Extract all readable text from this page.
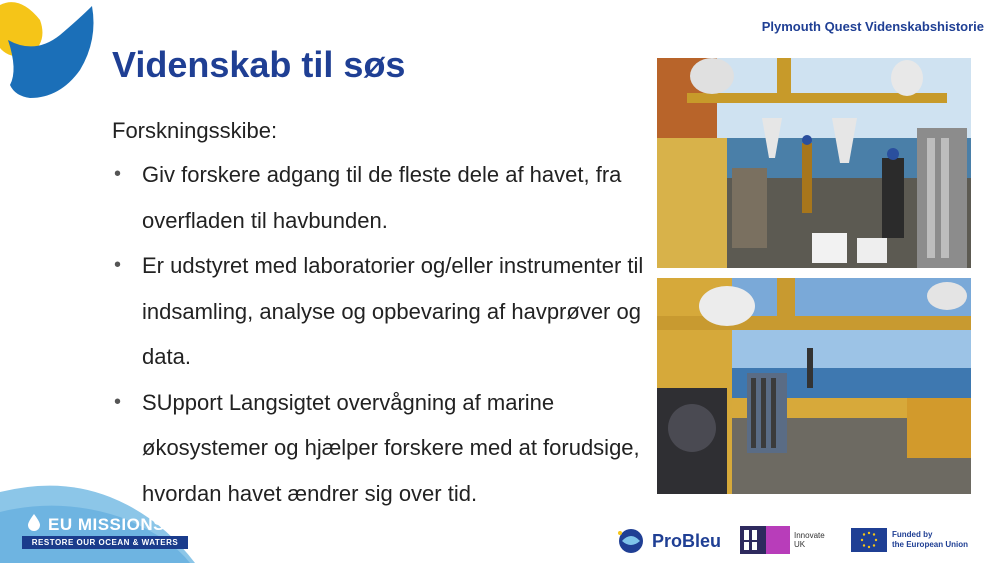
Plymouth Quest Videnskabshistorie
Videnskab til søs

Forskningsskibe:

• Giv forskere adgang til de fleste dele af havet, fra overfladen til havbunden.
• Er udstyret med laboratorier og/eller instrumenter til indsamling, analyse og opbevaring af havprøver og data.
• SUpport Langsigtet overvågning af marine økosystemer og hjælper forskere med at forudsige, hvordan havet ændrer sig over tid.
EU MISSIONS
RESTORE OUR OCEAN & WATERS	ProBleu	Innovate
UK
Funded by
the European Union
